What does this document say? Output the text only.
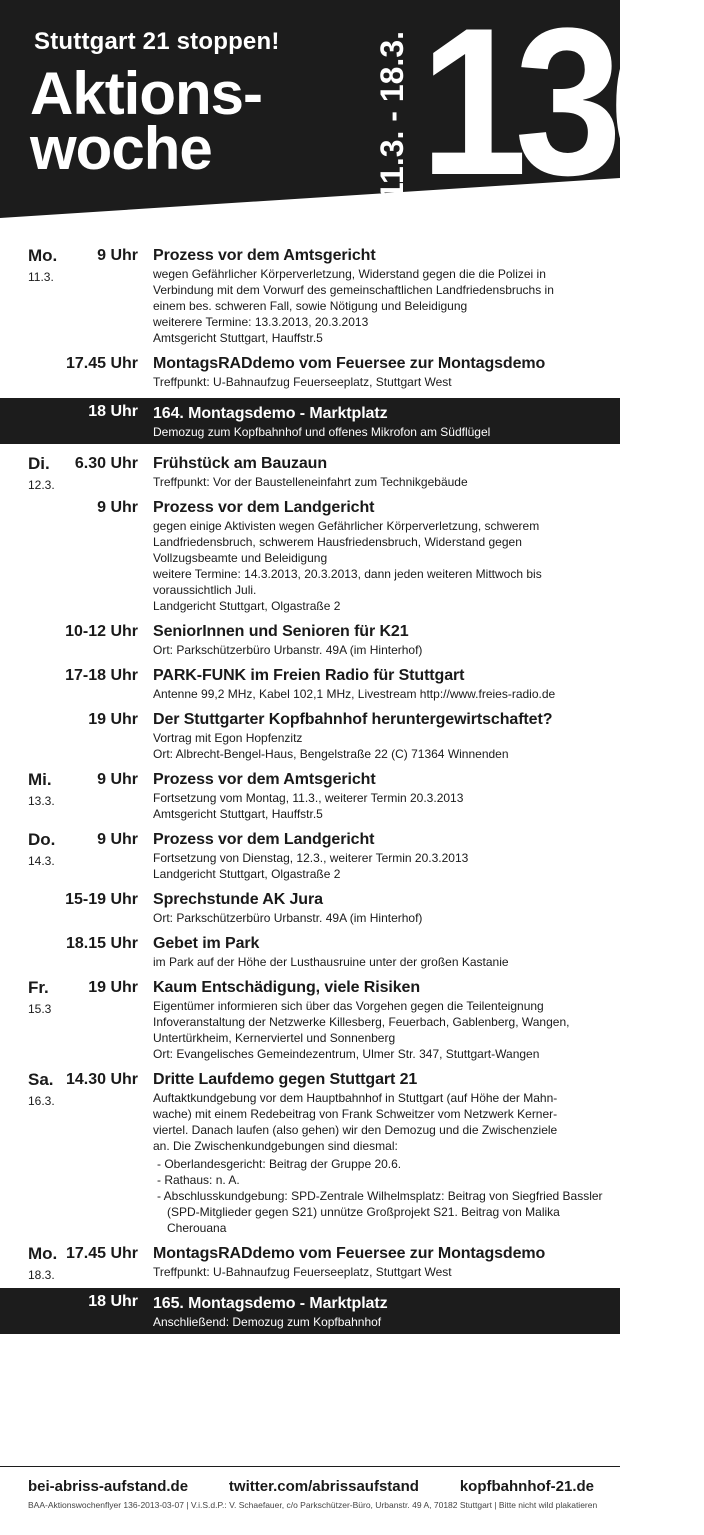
Stuttgart 21 stoppen!
Aktions-
woche	11.3. - 18.3. 136
Mo.
11.3.
9 Uhr Prozess vor dem Amtsgericht
wegen Gefährlicher Körperverletzung, Widerstand gegen die die Polizei in
Verbindung mit dem Vorwurf des gemeinschaftlichen Landfriedensbruchs in
einem bes. schweren Fall, sowie Nötigung und Beleidigung
weiterere Termine: 13.3.2013, 20.3.2013
Amtsgericht Stuttgart, Hauffstr.5
17.45 Uhr MontagsRADdemo vom Feuersee zur Montagsdemo
Treffpunkt: U-Bahnaufzug Feuerseeplatz, Stuttgart West
18 Uhr 164. Montagsdemo - Marktplatz
Demozug zum Kopfbahnhof und offenes Mikrofon am Südflügel
Di.
12.3.
6.30 Uhr Frühstück am Bauzaun
Treffpunkt: Vor der Baustelleneinfahrt zum Technikgebäude
9 Uhr Prozess vor dem Landgericht
gegen einige Aktivisten wegen Gefährlicher Körperverletzung, schwerem
Landfriedensbruch, schwerem Hausfriedensbruch, Widerstand gegen
Vollzugsbeamte und Beleidigung
weitere Termine: 14.3.2013, 20.3.2013, dann jeden weiteren Mittwoch bis
voraussichtlich Juli.
Landgericht Stuttgart, Olgastraße 2
10-12 Uhr SeniorInnen und Senioren für K21
Ort: Parkschützerbüro Urbanstr. 49A (im Hinterhof)
17-18 Uhr PARK-FUNK im Freien Radio für Stuttgart
Antenne 99,2 MHz, Kabel 102,1 MHz, Livestream http://www.freies-radio.de
19 Uhr Der Stuttgarter Kopfbahnhof heruntergewirtschaftet?
Vortrag mit Egon Hopfenzitz
Ort: Albrecht-Bengel-Haus, Bengelstraße 22 (C) 71364 Winnenden
Mi.
13.3.
9 Uhr Prozess vor dem Amtsgericht
Fortsetzung vom Montag, 11.3., weiterer Termin 20.3.2013
Amtsgericht Stuttgart, Hauffstr.5
Do.
14.3.
9 Uhr Prozess vor dem Landgericht
Fortsetzung von Dienstag, 12.3., weiterer Termin 20.3.2013
Landgericht Stuttgart, Olgastraße 2
15-19 Uhr Sprechstunde AK Jura
Ort: Parkschützerbüro Urbanstr. 49A (im Hinterhof)
18.15 Uhr Gebet im Park
im Park auf der Höhe der Lusthausruine unter der großen Kastanie
Fr.
15.3
19 Uhr Kaum Entschädigung, viele Risiken
Eigentümer informieren sich über das Vorgehen gegen die Teilenteignung
Infoveranstaltung der Netzwerke Killesberg, Feuerbach, Gablenberg, Wangen,
Untertürkheim, Kernerviertel und Sonnenberg
Ort: Evangelisches Gemeindezentrum, Ulmer Str. 347, Stuttgart-Wangen
Sa.
16.3.
14.30 Uhr Dritte Laufdemo gegen Stuttgart 21
Auftaktkundgebung vor dem Hauptbahnhof in Stuttgart (auf Höhe der Mahn-
wache) mit einem Redebeitrag von Frank Schweitzer vom Netzwerk Kerner-
viertel. Danach laufen (also gehen) wir den Demozug und die Zwischenziele
an. Die Zwischenkundgebungen sind diesmal:
- Oberlandesgericht: Beitrag der Gruppe 20.6.
- Rathaus: n. A.
- Abschlusskundgebung: SPD-Zentrale Wilhelmsplatz: Beitrag von Siegfried Bassler (SPD-Mitglieder gegen S21) unnütze Großprojekt S21. Beitrag von Malika Cherouana
Mo.
18.3.
17.45 Uhr MontagsRADdemo vom Feuersee zur Montagsdemo
Treffpunkt: U-Bahnaufzug Feuerseeplatz, Stuttgart West
18 Uhr 165. Montagsdemo - Marktplatz
Anschließend: Demozug zum Kopfbahnhof
bei-abriss-aufstand.de	twitter.com/abrissaufstand	kopfbahnhof-21.de
BAA-Aktionswochenflyer 136-2013-03-07 | V.i.S.d.P.: V. Schaefauer, c/o Parkschützer-Büro, Urbanstr. 49 A, 70182 Stuttgart | Bitte nicht wild plakatieren
